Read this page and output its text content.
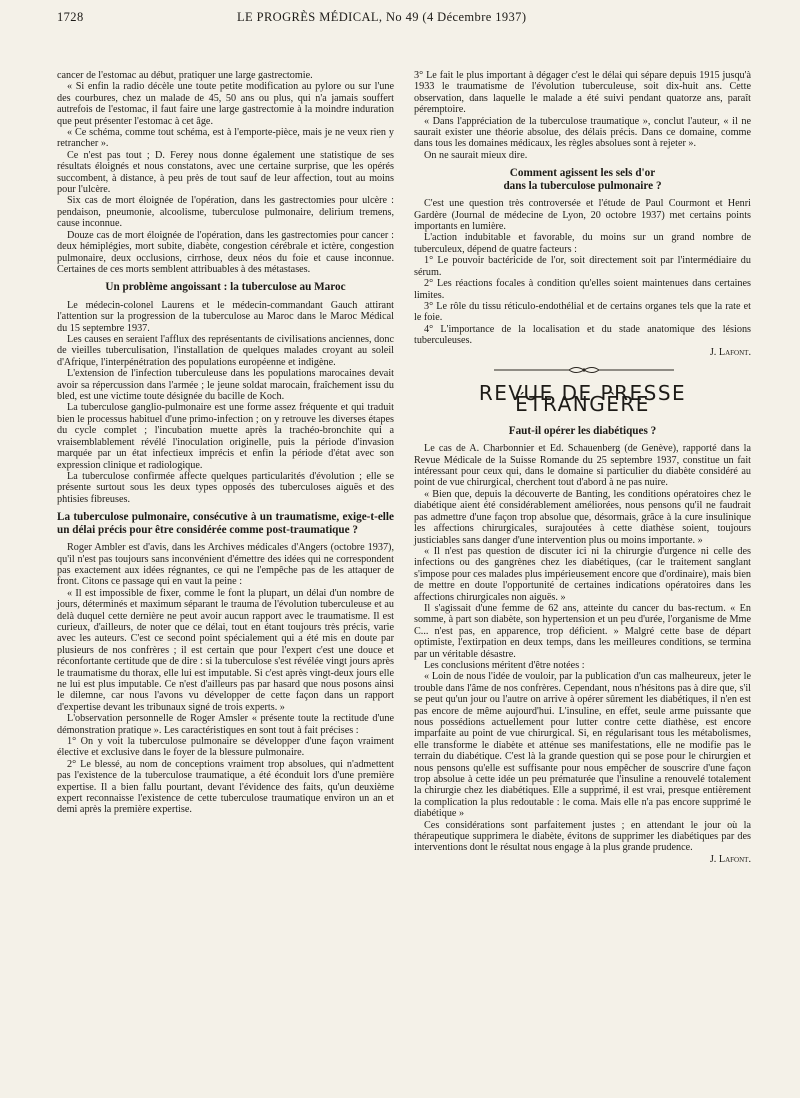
1728	LE PROGRÈS MÉDICAL, No 49 (4 Décembre 1937)

cancer de l'estomac au début, pratiquer une large gastrectomie.

« Si enfin la radio décèle une toute petite modification au pylore ou sur l'une des courbures, chez un malade de 45, 50 ans ou plus, qui n'a jamais souffert autrefois de l'estomac, il faut faire une large gastrectomie à la moindre induration que peut présenter l'estomac à cet âge.

« Ce schéma, comme tout schéma, est à l'emporte-pièce, mais je ne veux rien y retrancher ».

Ce n'est pas tout ; D. Ferey nous donne également une statistique de ses résultats éloignés et nous constatons, avec une certaine surprise, que les opérés succombent, à distance, à peu près de tout sauf de leur affection, tout au moins pour l'ulcère.

Six cas de mort éloignée de l'opération, dans les gastrectomies pour ulcère : pendaison, pneumonie, alcoolisme, tuberculose pulmonaire, delirium tremens, cause inconnue.

Douze cas de mort éloignée de l'opération, dans les gastrectomies pour cancer : deux hémiplégies, mort subite, diabète, congestion cérébrale et ictère, congestion pulmonaire, deux occlusions, cirrhose, deux néos du foie et cause inconnue. Certaines de ces morts semblent attribuables à des métastases.

Un problème angoissant : la tuberculose au Maroc

Le médecin-colonel Laurens et le médecin-commandant Gauch attirant l'attention sur la progression de la tuberculose au Maroc dans le Maroc Médical du 15 septembre 1937.

Les causes en seraient l'afflux des représentants de civilisations anciennes, donc de vieilles tuberculisation, l'installation de quelques malades croyant au soleil d'Afrique, l'interpénétration des populations européenne et indigène.

L'extension de l'infection tuberculeuse dans les populations marocaines devait avoir sa répercussion dans l'armée ; le jeune soldat marocain, fraîchement issu du bled, est une victime toute désignée du bacille de Koch.

La tuberculose ganglio-pulmonaire est une forme assez fréquente et qui traduit bien le processus habituel d'une primo-infection ; on y retrouve les diverses étapes du cycle complet ; l'incubation muette après la trachéo-bronchite qui a vraisemblablement révélé l'inoculation originelle, puis la période d'invasion marquée par un état infectieux imprécis et enfin la période d'état avec son expression clinique et radiologique.

La tuberculose confirmée affecte quelques particularités d'évolution ; elle se présente surtout sous les deux types opposés des tuberculoses aiguës et des phtisies fibreuses.

La tuberculose pulmonaire, consécutive à un traumatisme, exige-t-elle un délai précis pour être considérée comme post-traumatique ?

Roger Ambler est d'avis, dans les Archives médicales d'Angers (octobre 1937), qu'il n'est pas toujours sans inconvénient d'émettre des idées qui ne correspondent pas exactement aux idées régnantes, ce qui ne l'empêche pas de les attaquer de front. Citons ce passage qui en vaut la peine :

« Il est impossible de fixer, comme le font la plupart, un délai d'un nombre de jours, déterminés et maximum séparant le trauma de l'évolution tuberculeuse et au delà duquel cette dernière ne peut avoir aucun rapport avec le traumatisme. Il est curieux, d'ailleurs, de noter que ce délai, tout en étant toujours très précis, varie avec les auteurs. C'est ce second point spécialement qui a été mis en doute par plusieurs de nos confrères ; il est certain que pour l'expert c'est une douce et réconfortante certitude que de dire : si la tuberculose s'est révélée vingt jours après le traumatisme du thorax, elle lui est imputable. Si c'est après vingt-deux jours elle ne lui est plus imputable. Ce n'est d'ailleurs pas par hasard que nous posons ainsi le dilemne, car nous l'avons vu développer de cette façon dans un rapport d'expertise devant les tribunaux signé de trois experts. »

L'observation personnelle de Roger Amsler « présente toute la rectitude d'une démonstration pratique ». Les caractéristiques en sont tout à fait précises :

1° On y voit la tuberculose pulmonaire se développer d'une façon vraiment élective et exclusive dans le foyer de la blessure pulmonaire.

2° Le blessé, au nom de conceptions vraiment trop absolues, qui n'admettent pas l'existence de la tuberculose traumatique, a été éconduit lors d'une première expertise. Il a bien fallu pourtant, devant l'évidence des faits, qu'un deuxième expert reconnaisse l'existence de cette tuberculose traumatique environ un an et demi après la première expertise.

3° Le fait le plus important à dégager c'est le délai qui sépare depuis 1915 jusqu'à 1933 le traumatisme de l'évolution tuberculeuse, soit dix-huit ans. Cette observation, dans laquelle le malade a été suivi pendant quatorze ans, paraît péremptoire.

« Dans l'appréciation de la tuberculose traumatique », conclut l'auteur, « il ne saurait exister une théorie absolue, des délais précis. Dans ce domaine, comme dans tous les domaines médicaux, les règles absolues sont à rejeter ».

On ne saurait mieux dire.

Comment agissent les sels d'or
dans la tuberculose pulmonaire ?

C'est une question très controversée et l'étude de Paul Courmont et Henri Gardère (Journal de médecine de Lyon, 20 octobre 1937) met certains points importants en lumière.

L'action indubitable et favorable, du moins sur un grand nombre de tuberculeux, dépend de quatre facteurs :

1° Le pouvoir bactéricide de l'or, soit directement soit par l'intermédiaire du sérum.

2° Les réactions focales à condition qu'elles soient maintenues dans certaines limites.

3° Le rôle du tissu réticulo-endothélial et de certains organes tels que la rate et le foie.

4° L'importance de la localisation et du stade anatomique des lésions tuberculeuses.

J. Lafont.

REVUE DE PRESSE ÉTRANGÈRE
Faut-il opérer les diabétiques ?

Le cas de A. Charbonnier et Ed. Schauenberg (de Genève), rapporté dans la Revue Médicale de la Suisse Romande du 25 septembre 1937, constitue un fait intéressant pour ceux qui, dans le domaine si particulier du diabète considéré au point de vue chirurgical, cherchent tout d'abord à ne pas nuire.

« Bien que, depuis la découverte de Banting, les conditions opératoires chez le diabétique aient été considérablement améliorées, nous pensons qu'il ne faudrait pas admettre d'une façon trop absolue que, désormais, grâce à la cure insulinique les affections chirurgicales, surajoutées à cette diathèse soient, toujours justiciables sans danger d'une intervention plus ou moins importante. »

« Il n'est pas question de discuter ici ni la chirurgie d'urgence ni celle des infections ou des gangrènes chez les diabétiques, (car le traitement sanglant s'impose pour ces malades plus impérieusement encore que d'ordinaire), mais bien de mettre en doute l'opportunité de certaines indications opératoires dans les affections chirurgicales non aiguës. »

Il s'agissait d'une femme de 62 ans, atteinte du cancer du bas-rectum. « En somme, à part son diabète, son hypertension et un peu d'urée, l'organisme de Mme C... n'est pas, en apparence, trop déficient. » Malgré cette base de départ optimiste, l'extirpation en deux temps, dans les meilleures conditions, se termina par un véritable désastre.

Les conclusions méritent d'être notées :

« Loin de nous l'idée de vouloir, par la publication d'un cas malheureux, jeter le trouble dans l'âme de nos confrères. Cependant, nous n'hésitons pas à dire que, s'il se peut qu'un jour ou l'autre on arrive à opérer sûrement les diabétiques, il n'en est pas encore de même aujourd'hui. L'insuline, en effet, seule arme puissante que nous possédions actuellement pour lutter contre cette diathèse, est encore imparfaite au point de vue chirurgical. Si, en régularisant tous les métabolismes, elle transforme le diabète et atténue ses manifestations, elle ne modifie pas le terrain du diabétique. C'est là la grande question qui se pose pour le chirurgien et nous pensons qu'elle est suffisante pour nous empêcher de souscrire d'une façon trop absolue à cette idée un peu prématurée que l'insuline a renouvelé totalement la chirurgie chez les diabétiques. Elle a supprimé, il est vrai, presque entièrement la complication la plus redoutable : le coma. Mais elle n'a pas encore supprimé le diabétique »

Ces considérations sont parfaitement justes ; en attendant le jour où la thérapeutique supprimera le diabète, évitons de supprimer les diabétiques par des interventions dont le résultat nous engage à la plus grande prudence.

J. Lafont.
